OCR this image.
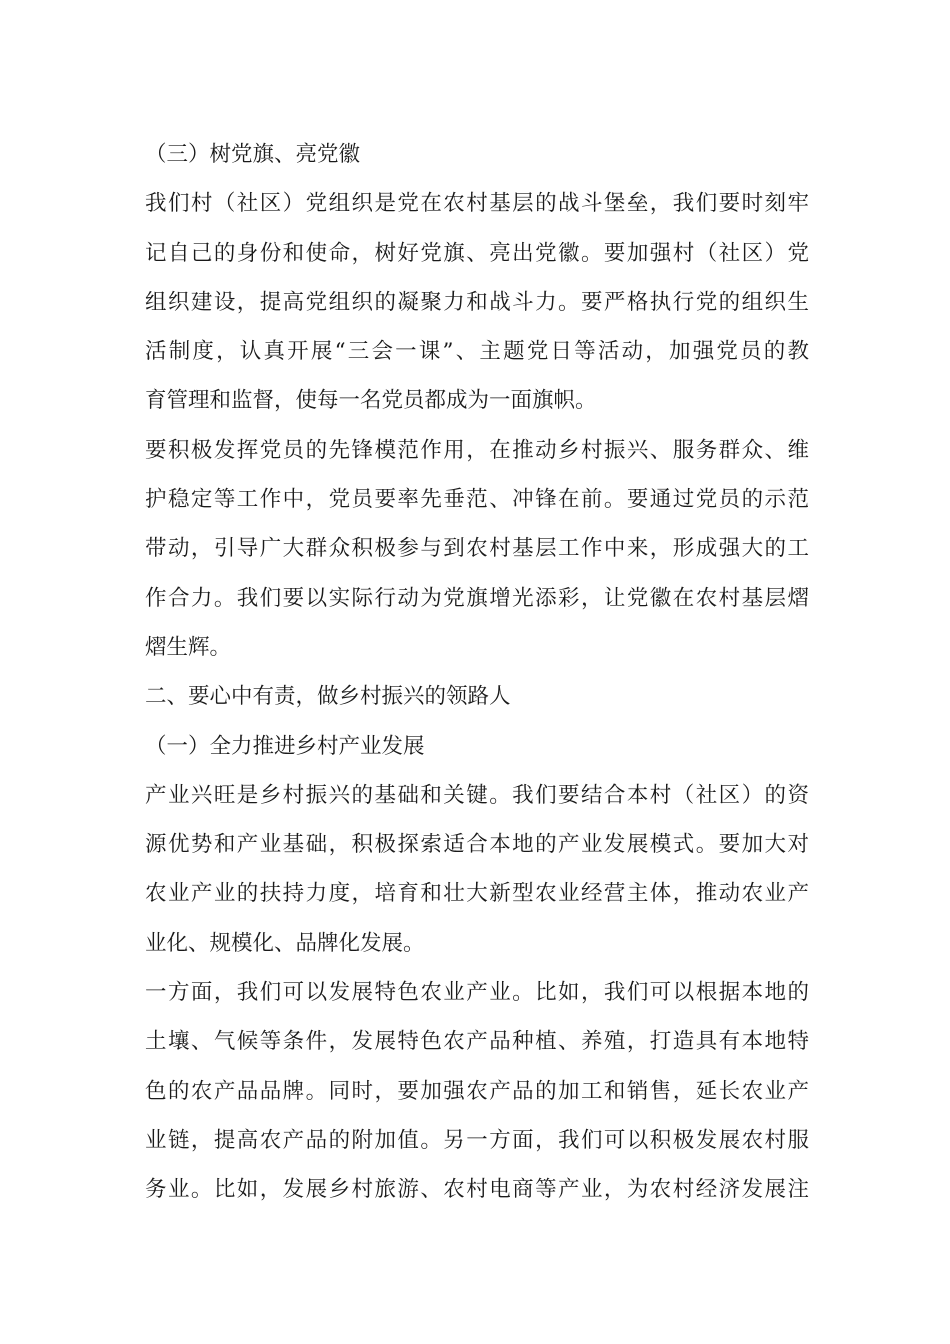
（三）树党旗、亮党徽
我们村（社区）党组织是党在农村基层的战斗堡垒，我们要时刻牢
记自己的身份和使命，树好党旗、亮出党徽。要加强村（社区）党
组织建设，提高党组织的凝聚力和战斗力。要严格执行党的组织生
活制度，认真开展“三会一课”、主题党日等活动，加强党员的教
育管理和监督，使每一名党员都成为一面旗帜。
要积极发挥党员的先锋模范作用，在推动乡村振兴、服务群众、维
护稳定等工作中，党员要率先垂范、冲锋在前。要通过党员的示范
带动，引导广大群众积极参与到农村基层工作中来，形成强大的工
作合力。我们要以实际行动为党旗增光添彩，让党徽在农村基层熠
熠生辉。
二、要心中有责，做乡村振兴的领路人
（一）全力推进乡村产业发展
产业兴旺是乡村振兴的基础和关键。我们要结合本村（社区）的资
源优势和产业基础，积极探索适合本地的产业发展模式。要加大对
农业产业的扶持力度，培育和壮大新型农业经营主体，推动农业产
业化、规模化、品牌化发展。
一方面，我们可以发展特色农业产业。比如，我们可以根据本地的
土壤、气候等条件，发展特色农产品种植、养殖，打造具有本地特
色的农产品品牌。同时，要加强农产品的加工和销售，延长农业产
业链，提高农产品的附加值。另一方面，我们可以积极发展农村服
务业。比如，发展乡村旅游、农村电商等产业，为农村经济发展注
